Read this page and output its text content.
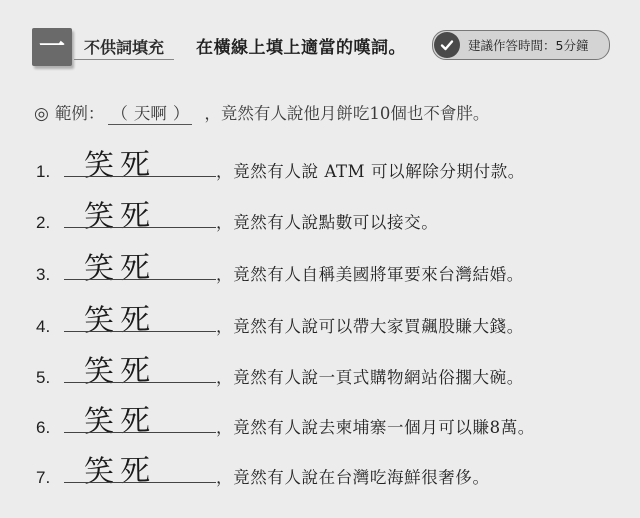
一 不供詞填充 在橫線上填上適當的嘆詞。	建議作答時間：5分鐘
◎ 範例： （ 天啊 ） ，竟然有人說他月餅吃10個也不會胖。
1. 笑死	，竟然有人說 ATM 可以解除分期付款。
2. 笑死	，竟然有人說點數可以接交。
3. 笑死	，竟然有人自稱美國將軍要來台灣結婚。
4. 笑死	，竟然有人說可以帶大家買飆股賺大錢。
5. 笑死	，竟然有人說一頁式購物網站俗擱大碗。
6. 笑死	，竟然有人說去柬埔寨一個月可以賺8萬。
7. 笑死	，竟然有人說在台灣吃海鮮很奢侈。
